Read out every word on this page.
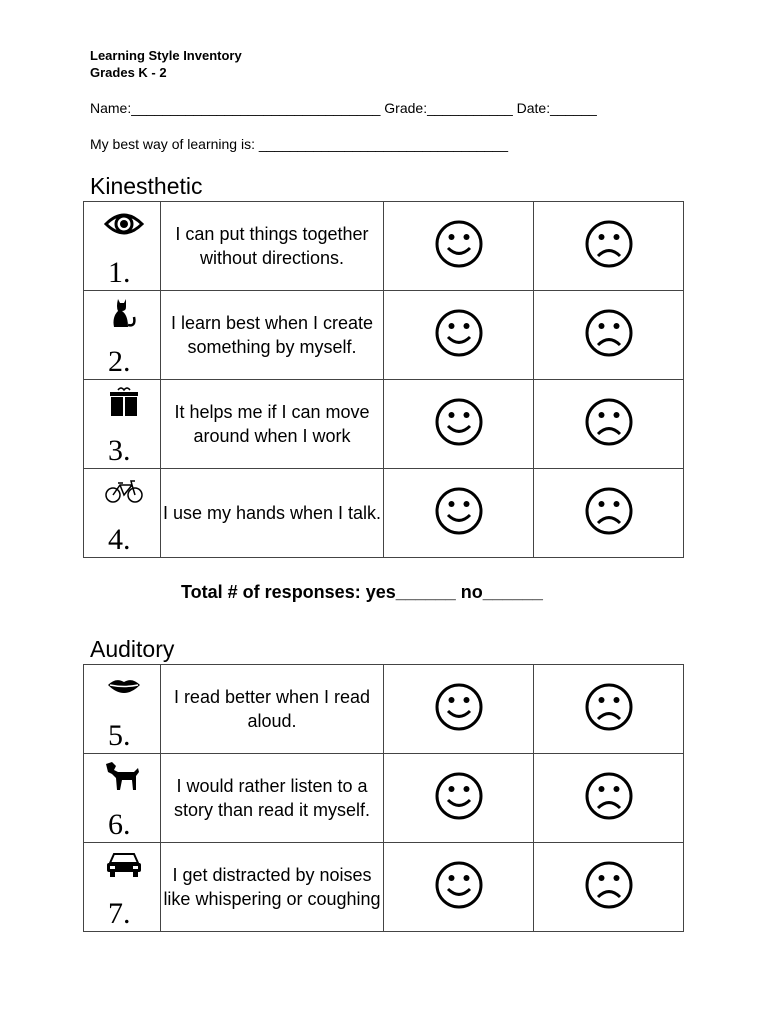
Learning Style Inventory
Grades K - 2
Name:________________________________ Grade:___________ Date:______
My best way of learning is: ________________________________
Kinesthetic
1.	I can put things together without directions.		

2.	I learn best when I create something by myself.		

3.	It helps me if I can move around when I work		

4.	I use my hands when I talk.		
Total # of responses: yes______ no______
Auditory
5.	I read better when I read aloud.		

6.	I would rather listen to a story than read it myself.		

7.	I get distracted by noises like whispering or coughing		
